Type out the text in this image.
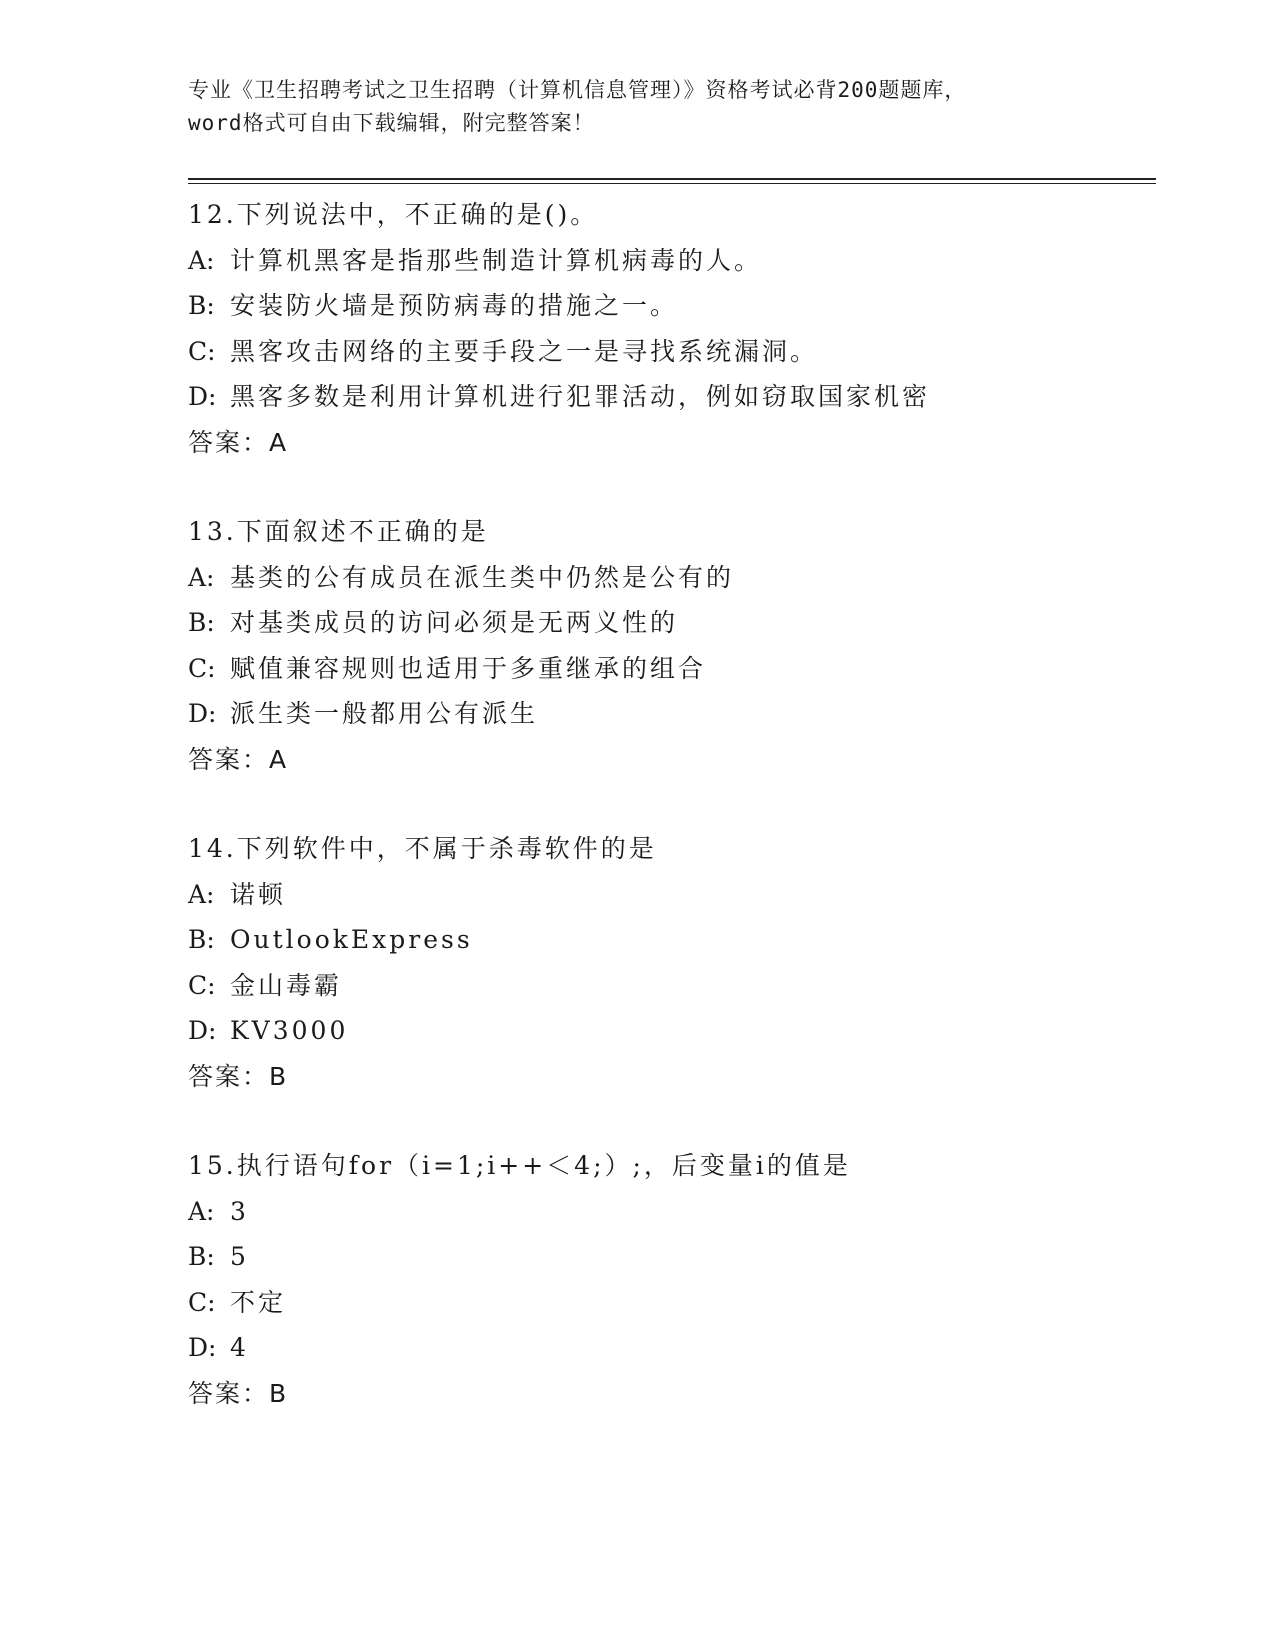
专业《卫生招聘考试之卫生招聘（计算机信息管理）》资格考试必背200题题库，
word格式可自由下载编辑，附完整答案！
12.下列说法中，不正确的是()。
A: 计算机黑客是指那些制造计算机病毒的人。
B: 安装防火墙是预防病毒的措施之一。
C: 黑客攻击网络的主要手段之一是寻找系统漏洞。
D: 黑客多数是利用计算机进行犯罪活动，例如窃取国家机密
答案：A
13.下面叙述不正确的是
A: 基类的公有成员在派生类中仍然是公有的
B: 对基类成员的访问必须是无两义性的
C: 赋值兼容规则也适用于多重继承的组合
D: 派生类一般都用公有派生
答案：A
14.下列软件中，不属于杀毒软件的是
A: 诺顿
B: OutlookExpress
C: 金山毒霸
D: KV3000
答案：B
15.执行语句for（i=1;i++＜4;）;，后变量i的值是
A: 3
B: 5
C: 不定
D: 4
答案：B
